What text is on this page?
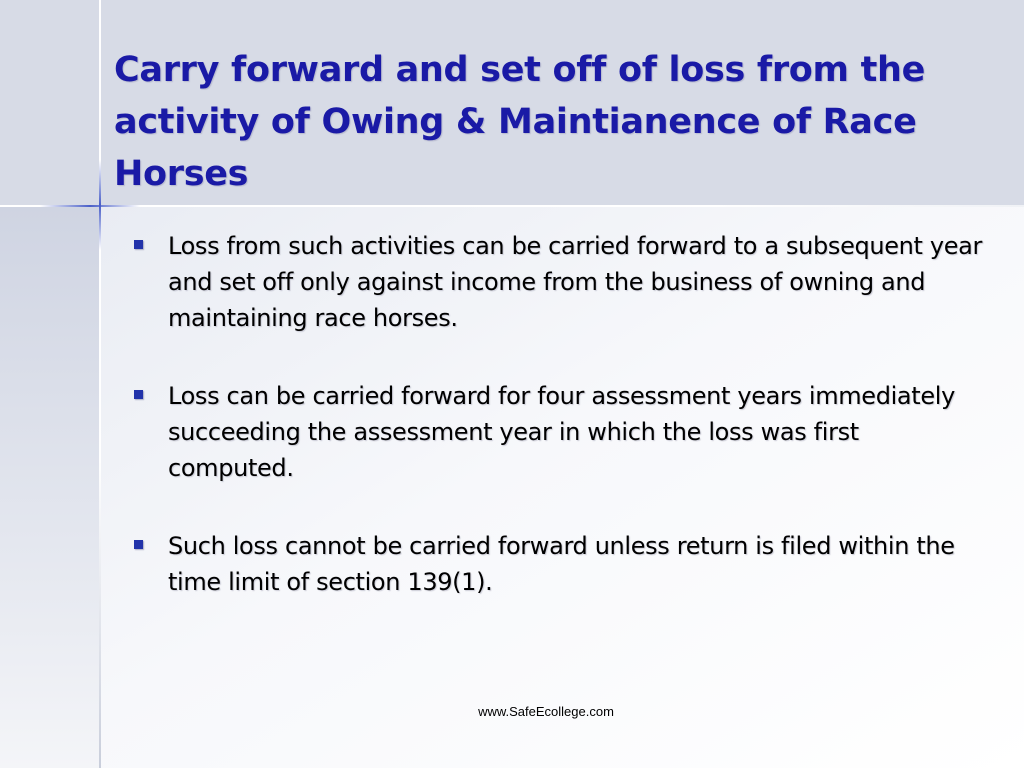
Carry forward and set off of loss from the activity of Owing & Maintianence of Race Horses
Loss from such activities can be carried forward to a subsequent year and set off only against income from the business of owning and maintaining race horses.
Loss can be carried forward for four assessment years immediately succeeding the assessment year in which the loss was first computed.
Such loss cannot be carried forward unless return is filed within the time limit of section 139(1).
www.SafeEcollege.com
